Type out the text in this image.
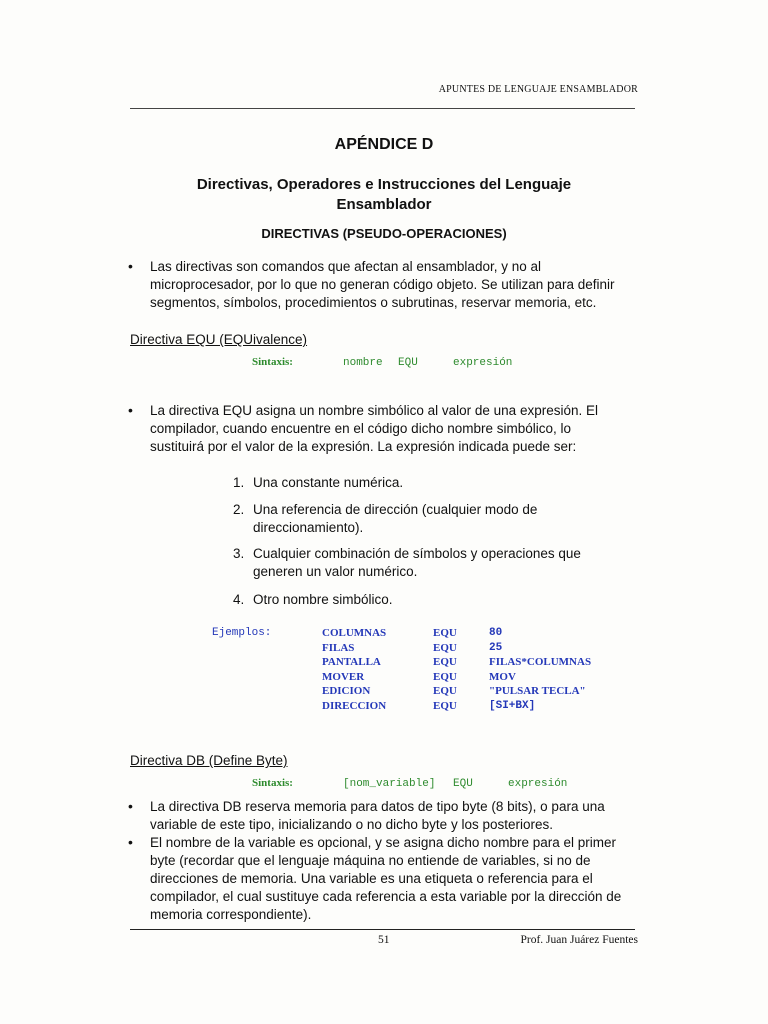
APUNTES DE LENGUAJE ENSAMBLADOR
APÉNDICE D
Directivas, Operadores e Instrucciones del Lenguaje
Ensamblador
DIRECTIVAS (PSEUDO-OPERACIONES)
• Las directivas son comandos que afectan al ensamblador, y no al
microprocesador, por lo que no generan código objeto. Se utilizan para definir
segmentos, símbolos, procedimientos o subrutinas, reservar memoria, etc.
Directiva EQU (EQUivalence)
Sintaxis:	nombre EQU	expresión
• La directiva EQU asigna un nombre simbólico al valor de una expresión. El
compilador, cuando encuentre en el código dicho nombre simbólico, lo
sustituirá por el valor de la expresión. La expresión indicada puede ser:
1. Una constante numérica.
2. Una referencia de dirección (cualquier modo de
direccionamiento).
3. Cualquier combinación de símbolos y operaciones que
generen un valor numérico.
4. Otro nombre simbólico.
Ejemplos:	COLUMNAS	EQU	80
FILAS	EQU	25
PANTALLA	EQU	FILAS*COLUMNAS
MOVER	EQU	MOV
EDICION	EQU	"PULSAR TECLA"
DIRECCION	EQU	[SI+BX]
Directiva DB (Define Byte)
Sintaxis:	[nom_variable] EQU	expresión
• La directiva DB reserva memoria para datos de tipo byte (8 bits), o para una
variable de este tipo, inicializando o no dicho byte y los posteriores.
• El nombre de la variable es opcional, y se asigna dicho nombre para el primer
byte (recordar que el lenguaje máquina no entiende de variables, si no de
direcciones de memoria. Una variable es una etiqueta o referencia para el
compilador, el cual sustituye cada referencia a esta variable por la dirección de
memoria correspondiente).
51	Prof. Juan Juárez Fuentes
